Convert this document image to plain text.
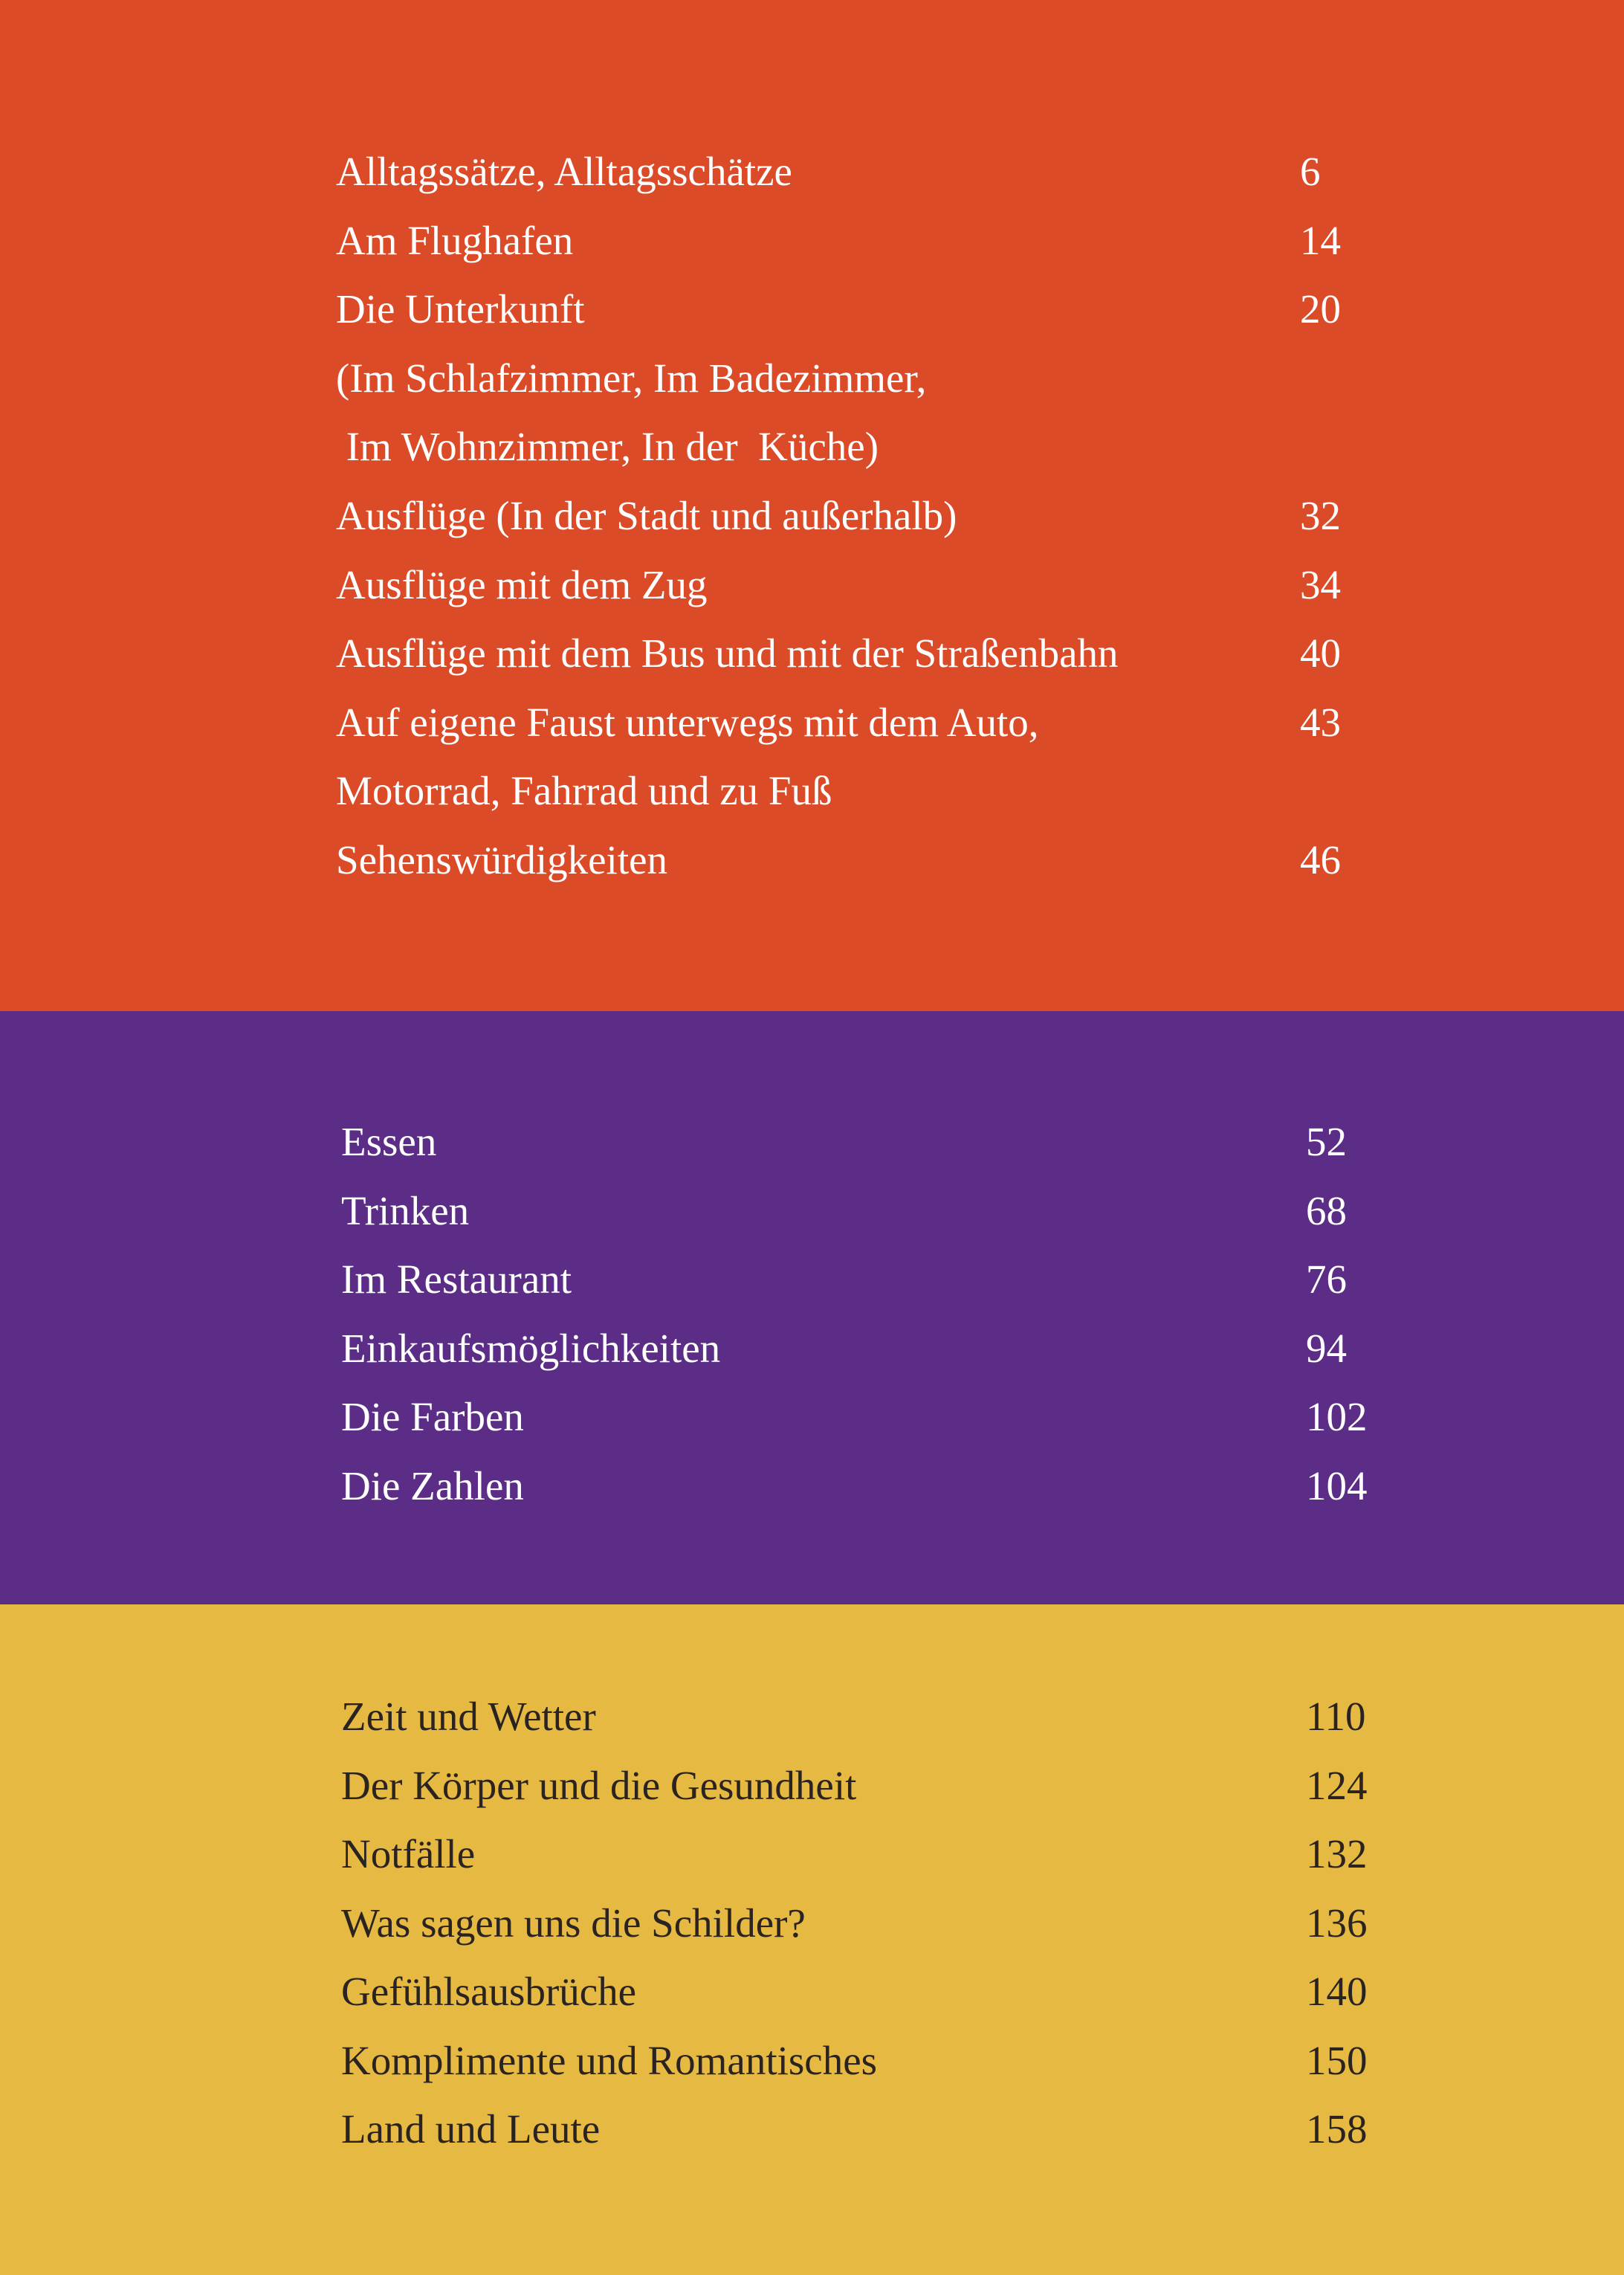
Alltagssätze, Alltagsschätze	6
Am Flughafen	14
Die Unterkunft	20
(Im Schlafzimmer, Im Badezimmer,
Im Wohnzimmer, In der  Küche)
Ausflüge (In der Stadt und außerhalb)	32
Ausflüge mit dem Zug	34
Ausflüge mit dem Bus und mit der Straßenbahn	40
Auf eigene Faust unterwegs mit dem Auto,	43
Motorrad, Fahrrad und zu Fuß
Sehenswürdigkeiten	46
Essen	52
Trinken	68
Im Restaurant	76
Einkaufsmöglichkeiten	94
Die Farben	102
Die Zahlen	104
Zeit und Wetter	110
Der Körper und die Gesundheit	124
Notfälle	132
Was sagen uns die Schilder?	136
Gefühlsausbrüche	140
Komplimente und Romantisches	150
Land und Leute	158
